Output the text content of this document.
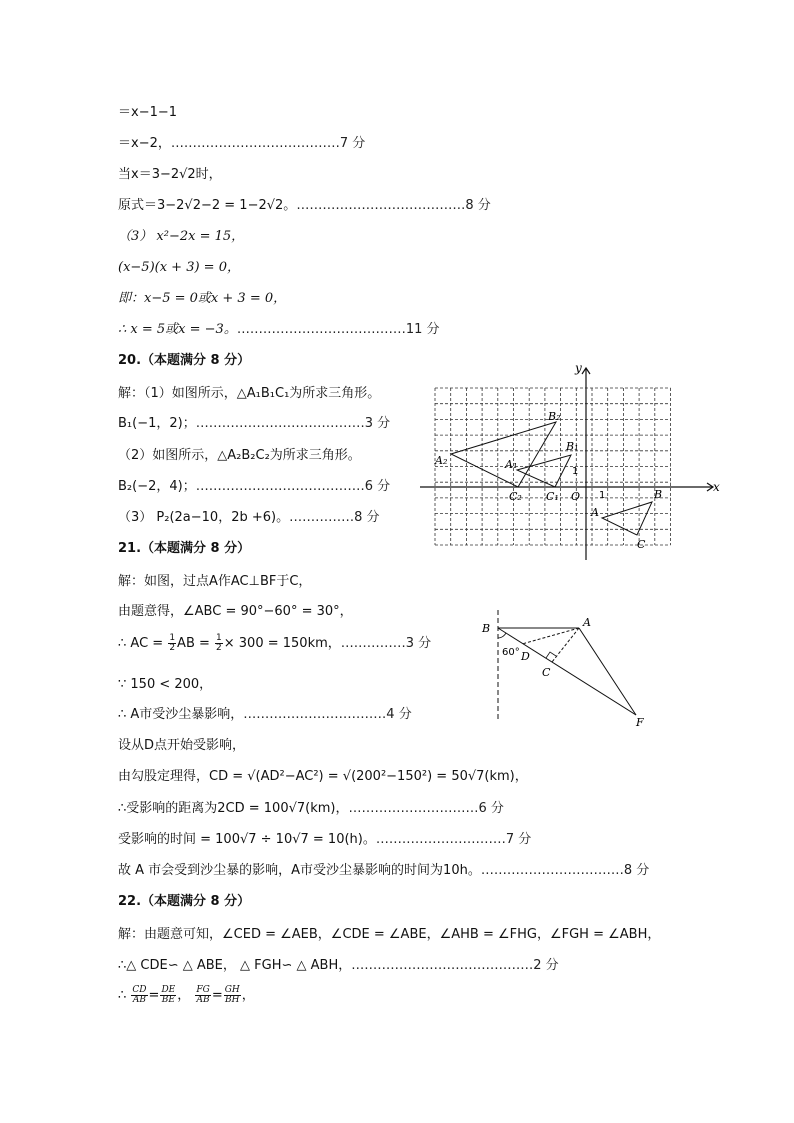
＝x−1−1
＝x−2，…………………………………7 分
当x＝3−2√2时，
原式＝3−2√2−2 = 1−2√2。…………………………………8 分
（3） x²−2x = 15，
(x−5)(x + 3) = 0，
即：x−5 = 0或x + 3 = 0，
∴ x = 5或x = −3。…………………………………11 分
20.（本题满分 8 分）
解：（1）如图所示，△A₁B₁C₁为所求三角形。
B₁(−1，2)；…………………………………3 分
（2）如图所示，△A₂B₂C₂为所求三角形。
B₂(−2，4)；…………………………………6 分
（3） P₂(2a−10，2b +6)。……………8 分
y
x
O 1
1
A
B
C
A₁
B₁
C₁
A₂
B₂
C₂
21.（本题满分 8 分）
解：如图，过点A作AC⊥BF于C，
由题意得，∠ABC = 90°−60° = 30°，
∴ AC = $\frac{1}{2}$ AB = $\frac{1}{2} \times 300 = 150km$，……………3 分
∵ 150 < 200，
∴ A市受沙尘暴影响，……………………………4 分
设从D点开始受影响，
由勾股定理得，CD = √(AD²−AC²) = √(200²−150²) = 50√7(km)，
∴受影响的距离为2CD = 100√7(km)，…………………………6 分
受影响的时间 = 100√7 ÷ 10√7 = 10(h)。…………………………7 分
故 A 市会受到沙尘暴的影响，A市受沙尘暴影响的时间为10h。……………………………8 分
B	A
D
C
F
60°
22.（本题满分 8 分）
解：由题意可知，∠CED = ∠AEB，∠CDE = ∠ABE，∠AHB = ∠FHG，∠FGH = ∠ABH，
∴△ CDE∽ △ ABE， △ FGH∽ △ ABH，……………………………………2 分
∴ $\frac{CD}{AB} = \frac{DE}{BE}$ ， $\frac{FG}{AB} = \frac{GH}{BH}$ ，
